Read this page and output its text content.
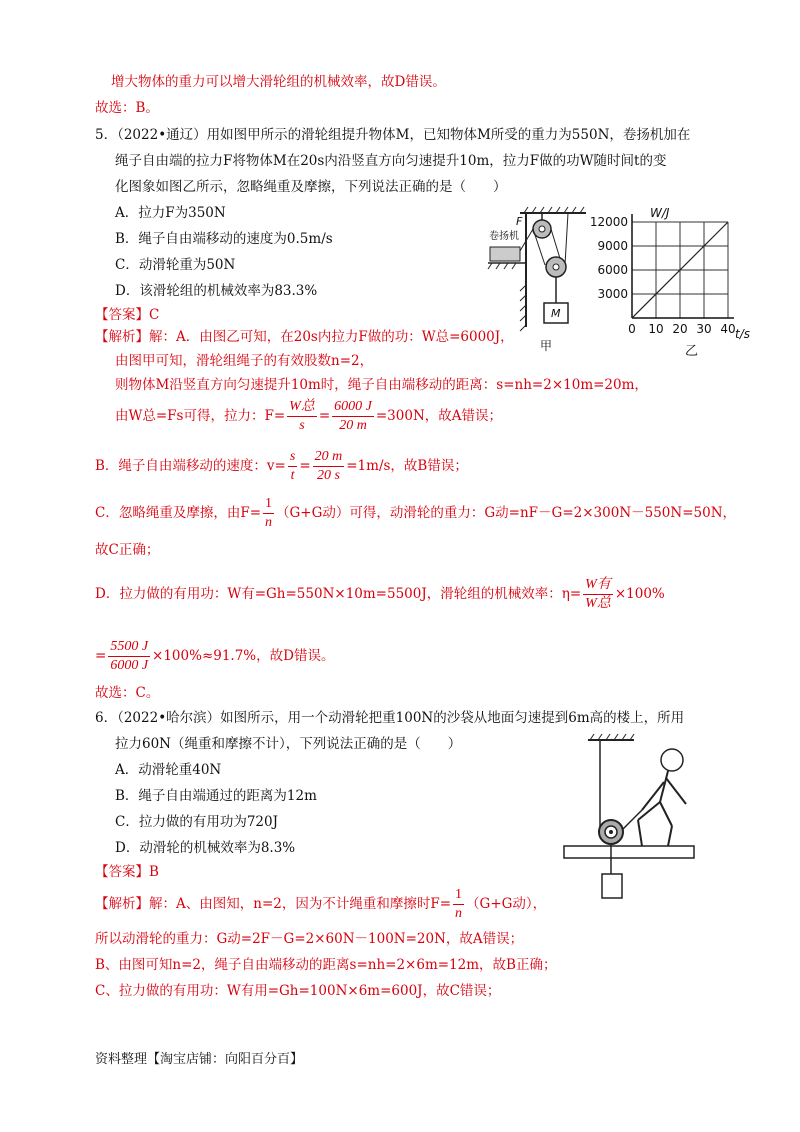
增大物体的重力可以增大滑轮组的机械效率，故D错误。
故选：B。
5．（2022•通辽）用如图甲所示的滑轮组提升物体M，已知物体M所受的重力为550N，卷扬机加在
绳子自由端的拉力F将物体M在20s内沿竖直方向匀速提升10m，拉力F做的功W随时间t的变
化图象如图乙所示，忽略绳重及摩擦，下列说法正确的是（　　）
A．拉力F为350N
B．绳子自由端移动的速度为0.5m/s
C．动滑轮重为50N
D．该滑轮组的机械效率为83.3%
【答案】C
卷扬机
F
M
甲
0 10 20 30 40
3000
6000
9000
12000
W/J
t/s
乙
【解析】解：A．由图乙可知，在20s内拉力F做的功：W总=6000J，
由图甲可知，滑轮组绳子的有效股数n=2，
则物体M沿竖直方向匀速提升10m时，绳子自由端移动的距离：s=nh=2×10m=20m，
由W总=Fs可得，拉力：$F= \frac{\text{W总}}{s} = \frac{6000 J}{20 m} =300N$，故A错误；
B．绳子自由端移动的速度：$v= \frac{s}{t} = \frac{20 m}{20 s} =1m/s$，故B错误；
C．忽略绳重及摩擦，由$F= \frac{1}{n} (G+G$动）可得，动滑轮的重力：G动=nF－G=2×300N－550N=50N，
故C正确；
D．拉力做的有用功：W有=Gh=550N×10m=5500J，滑轮组的机械效率：$\eta= \frac{\text{W有}}{\text{W总}} \times 100\%$
= $\frac{5500 J}{6000 J} \times 100\%\approx 91.7\%$，故D错误。
故选：C。
6．（2022•哈尔滨）如图所示，用一个动滑轮把重100N的沙袋从地面匀速提到6m高的楼上，所用
拉力60N（绳重和摩擦不计），下列说法正确的是（　　）
A．动滑轮重40N
B．绳子自由端通过的距离为12m
C．拉力做的有用功为720J
D．动滑轮的机械效率为8.3%
【答案】B
【解析】解：A、由图知，n=2，因为不计绳重和摩擦时$F= \frac{1}{n} (G+G$动），
所以动滑轮的重力：G动=2F－G=2×60N－100N=20N，故A错误；
B、由图可知n=2，绳子自由端移动的距离s=nh=2×6m=12m，故B正确；
C、拉力做的有用功：W有用=Gh=100N×6m=600J，故C错误；
资料整理【淘宝店铺：向阳百分百】
